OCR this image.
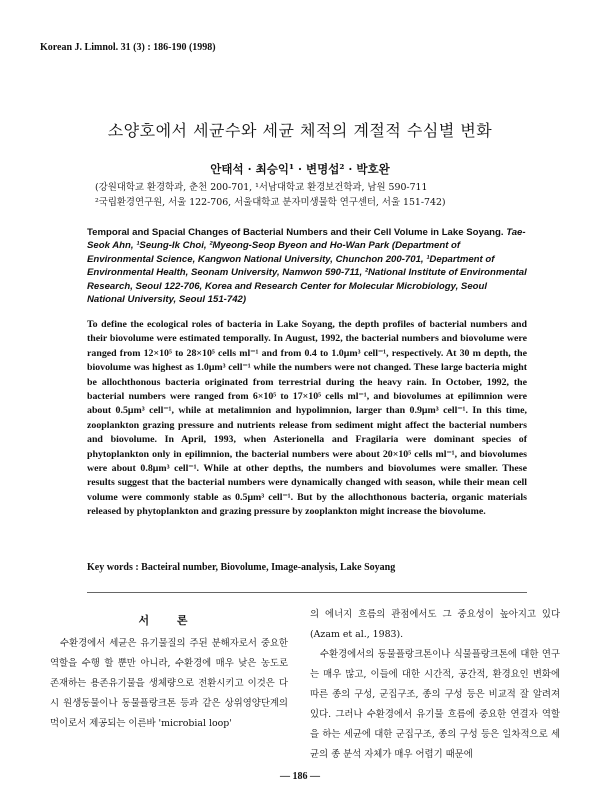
Korean J. Limnol. 31 (3) : 186-190 (1998)
소양호에서 세균수와 세균 체적의 계절적 수심별 변화
안태석 · 최승익¹ · 변명섭² · 박호완
(강원대학교 환경학과, 춘천 200-701, ¹서남대학교 환경보건학과, 남원 590-711
²국립환경연구원, 서울 122-706, 서울대학교 분자미생물학 연구센터, 서울 151-742)
Temporal and Spacial Changes of Bacterial Numbers and their Cell Volume in Lake Soyang. Tae-Seok Ahn, ¹Seung-Ik Choi, ²Myeong-Seop Byeon and Ho-Wan Park (Department of Environmental Science, Kangwon National University, Chunchon 200-701, ¹Department of Environmental Health, Seonam University, Namwon 590-711, ²National Institute of Environmental Research, Seoul 122-706, Korea and Research Center for Molecular Microbiology, Seoul National University, Seoul 151-742)
To define the ecological roles of bacteria in Lake Soyang, the depth profiles of bacterial numbers and their biovolume were estimated temporally. In August, 1992, the bacterial numbers and biovolume were ranged from 12×10⁵ to 28×10⁵ cells ml⁻¹ and from 0.4 to 1.0μm³ cell⁻¹, respectively. At 30 m depth, the biovolume was highest as 1.0μm³ cell⁻¹ while the numbers were not changed. These large bacteria might be allochthonous bacteria originated from terrestrial during the heavy rain. In October, 1992, the bacterial numbers were ranged from 6×10⁵ to 17×10⁵ cells ml⁻¹, and biovolumes at epilimnion were about 0.5μm³ cell⁻¹, while at metalimnion and hypolimnion, larger than 0.9μm³ cell⁻¹. In this time, zooplankton grazing pressure and nutrients release from sediment might affect the bacterial numbers and biovolume. In April, 1993, when Asterionella and Fragilaria were dominant species of phytoplankton only in epilimnion, the bacterial numbers were about 20×10⁵ cells ml⁻¹, and biovolumes were about 0.8μm³ cell⁻¹. While at other depths, the numbers and biovolumes were smaller. These results suggest that the bacterial numbers were dynamically changed with season, while their mean cell volume were commonly stable as 0.5μm³ cell⁻¹. But by the allochthonous bacteria, organic materials released by phytoplankton and grazing pressure by zooplankton might increase the biovolume.
Key words : Bacteiral number, Biovolume, Image-analysis, Lake Soyang
서 론
수환경에서 세균은 유기물질의 주된 분해자로서 중요한 역할을 수행 할 뿐만 아니라, 수환경에 매우 낮은 농도로 존재하는 용존유기물을 생체량으로 전환시키고 이것은 다시 원생동물이나 동물플랑크톤 등과 같은 상위영양단계의 먹이로서 제공되는 이른바 'microbial loop'
의 에너지 흐름의 관점에서도 그 중요성이 높아지고 있다(Azam et al., 1983).
수환경에서의 동물플랑크톤이나 식물플랑크톤에 대한 연구는 매우 많고, 이들에 대한 시간적, 공간적, 환경요인 변화에 따른 종의 구성, 군집구조, 종의 구성 등은 비교적 잘 알려져 있다. 그러나 수환경에서 유기물 흐름에 중요한 연결자 역할을 하는 세균에 대한 군집구조, 종의 구성 등은 일차적으로 세균의 종 분석 자체가 매우 어렵기 때문에
— 186 —
